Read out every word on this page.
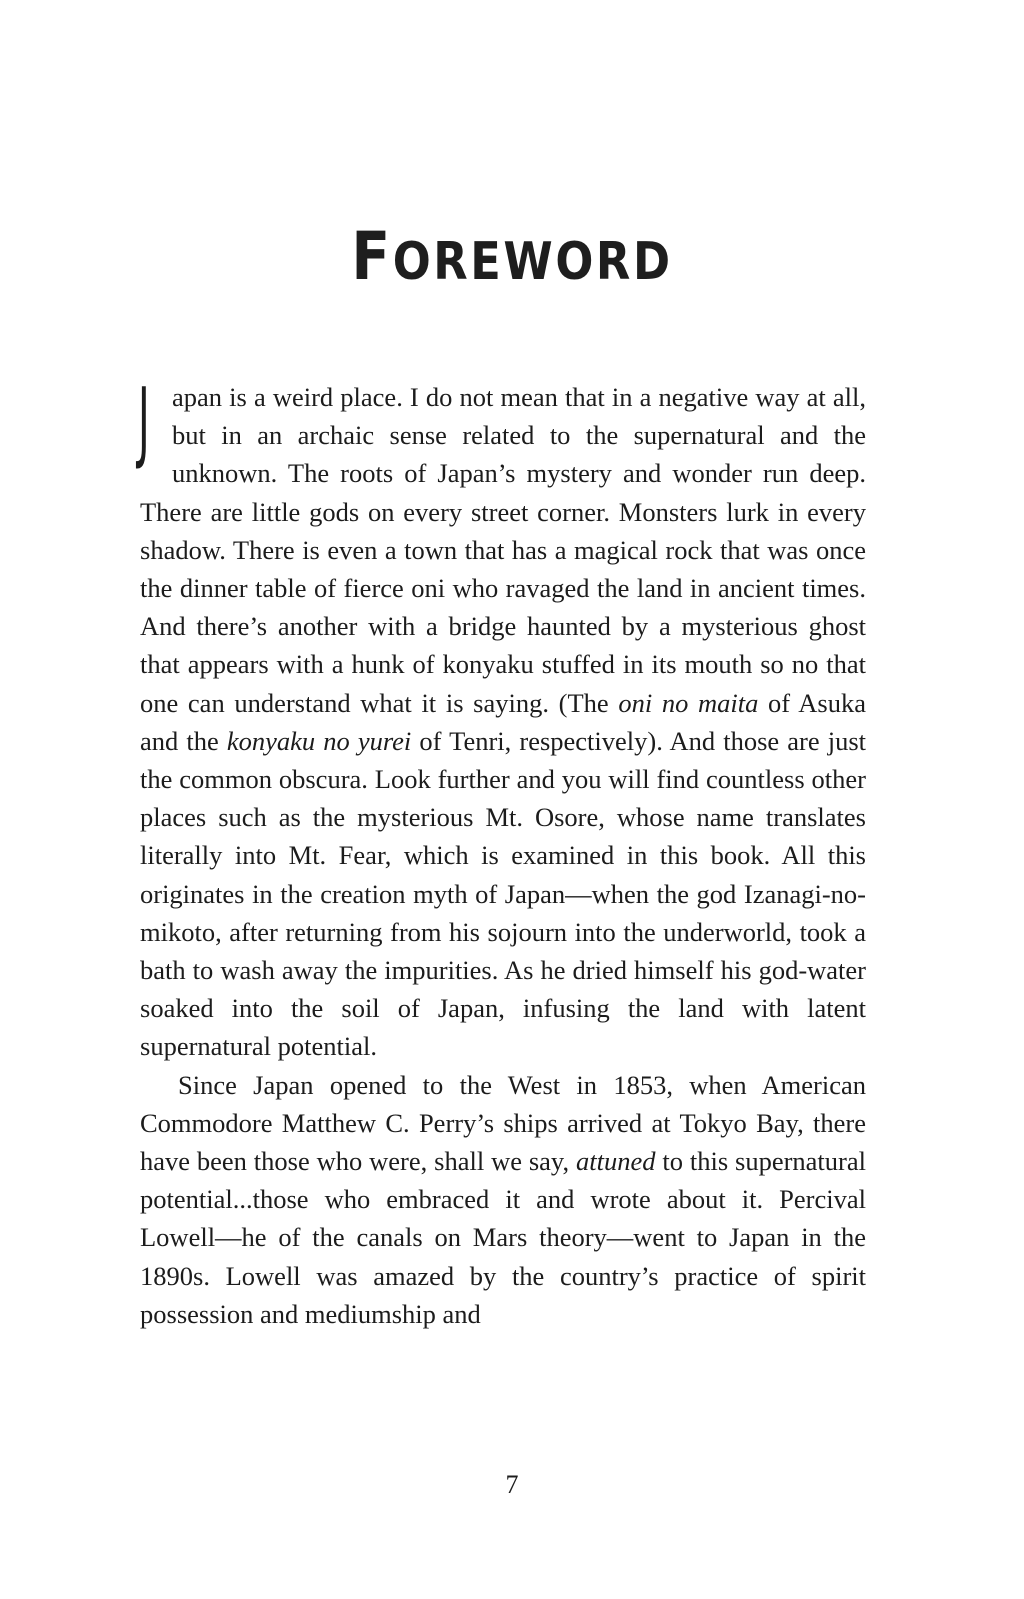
FOREWORD

Japan is a weird place. I do not mean that in a negative way at all, but in an archaic sense related to the supernatural and the unknown. The roots of Japan’s mystery and wonder run deep. There are little gods on every street corner. Monsters lurk in every shadow. There is even a town that has a magical rock that was once the dinner table of fierce oni who ravaged the land in ancient times. And there’s another with a bridge haunted by a mysterious ghost that appears with a hunk of konyaku stuffed in its mouth so no that one can understand what it is saying. (The oni no maita of Asuka and the konyaku no yurei of Tenri, respectively). And those are just the common obscura. Look further and you will find countless other places such as the mysterious Mt. Osore, whose name translates literally into Mt. Fear, which is examined in this book. All this originates in the creation myth of Japan—when the god Izanagi-no-mikoto, after returning from his sojourn into the underworld, took a bath to wash away the impurities. As he dried himself his god-water soaked into the soil of Japan, infusing the land with latent supernatural potential.

Since Japan opened to the West in 1853, when American Commodore Matthew C. Perry’s ships arrived at Tokyo Bay, there have been those who were, shall we say, attuned to this supernatural potential...those who embraced it and wrote about it. Percival Lowell—he of the canals on Mars theory—went to Japan in the 1890s. Lowell was amazed by the country’s practice of spirit possession and mediumship and

7
